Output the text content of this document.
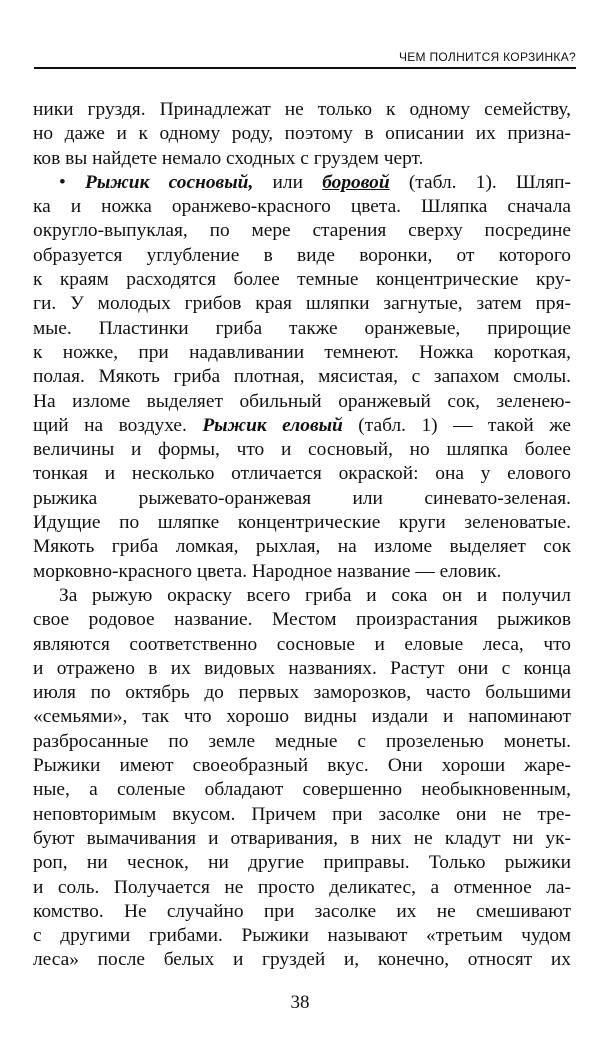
ЧЕМ ПОЛНИТСЯ КОРЗИНКА?
ники груздя. Принадлежат не только к одному семейству,
но даже и к одному роду, поэтому в описании их призна-
ков вы найдете немало сходных с груздем черт.
• Рыжик сосновый, или боровой (табл. 1). Шляп-
ка и ножка оранжево-красного цвета. Шляпка сначала
округло-выпуклая, по мере старения сверху посредине
образуется углубление в виде воронки, от которого
к краям расходятся более темные концентрические кру-
ги. У молодых грибов края шляпки загнутые, затем пря-
мые. Пластинки гриба также оранжевые, прирощие
к ножке, при надавливании темнеют. Ножка короткая,
полая. Мякоть гриба плотная, мясистая, с запахом смолы.
На изломе выделяет обильный оранжевый сок, зеленею-
щий на воздухе. Рыжик еловый (табл. 1) — такой же
величины и формы, что и сосновый, но шляпка более
тонкая и несколько отличается окраской: она у елового
рыжика рыжевато-оранжевая или синевато-зеленая.
Идущие по шляпке концентрические круги зеленоватые.
Мякоть гриба ломкая, рыхлая, на изломе выделяет сок
морковно-красного цвета. Народное название — еловик.
За рыжую окраску всего гриба и сока он и получил
свое родовое название. Местом произрастания рыжиков
являются соответственно сосновые и еловые леса, что
и отражено в их видовых названиях. Растут они с конца
июля по октябрь до первых заморозков, часто большими
«семьями», так что хорошо видны издали и напоминают
разбросанные по земле медные с прозеленью монеты.
Рыжики имеют своеобразный вкус. Они хороши жаре-
ные, а соленые обладают совершенно необыкновенным,
неповторимым вкусом. Причем при засолке они не тре-
буют вымачивания и отваривания, в них не кладут ни ук-
роп, ни чеснок, ни другие приправы. Только рыжики
и соль. Получается не просто деликатес, а отменное ла-
комство. Не случайно при засолке их не смешивают
с другими грибами. Рыжики называют «третьим чудом
леса» после белых и груздей и, конечно, относят их
38
